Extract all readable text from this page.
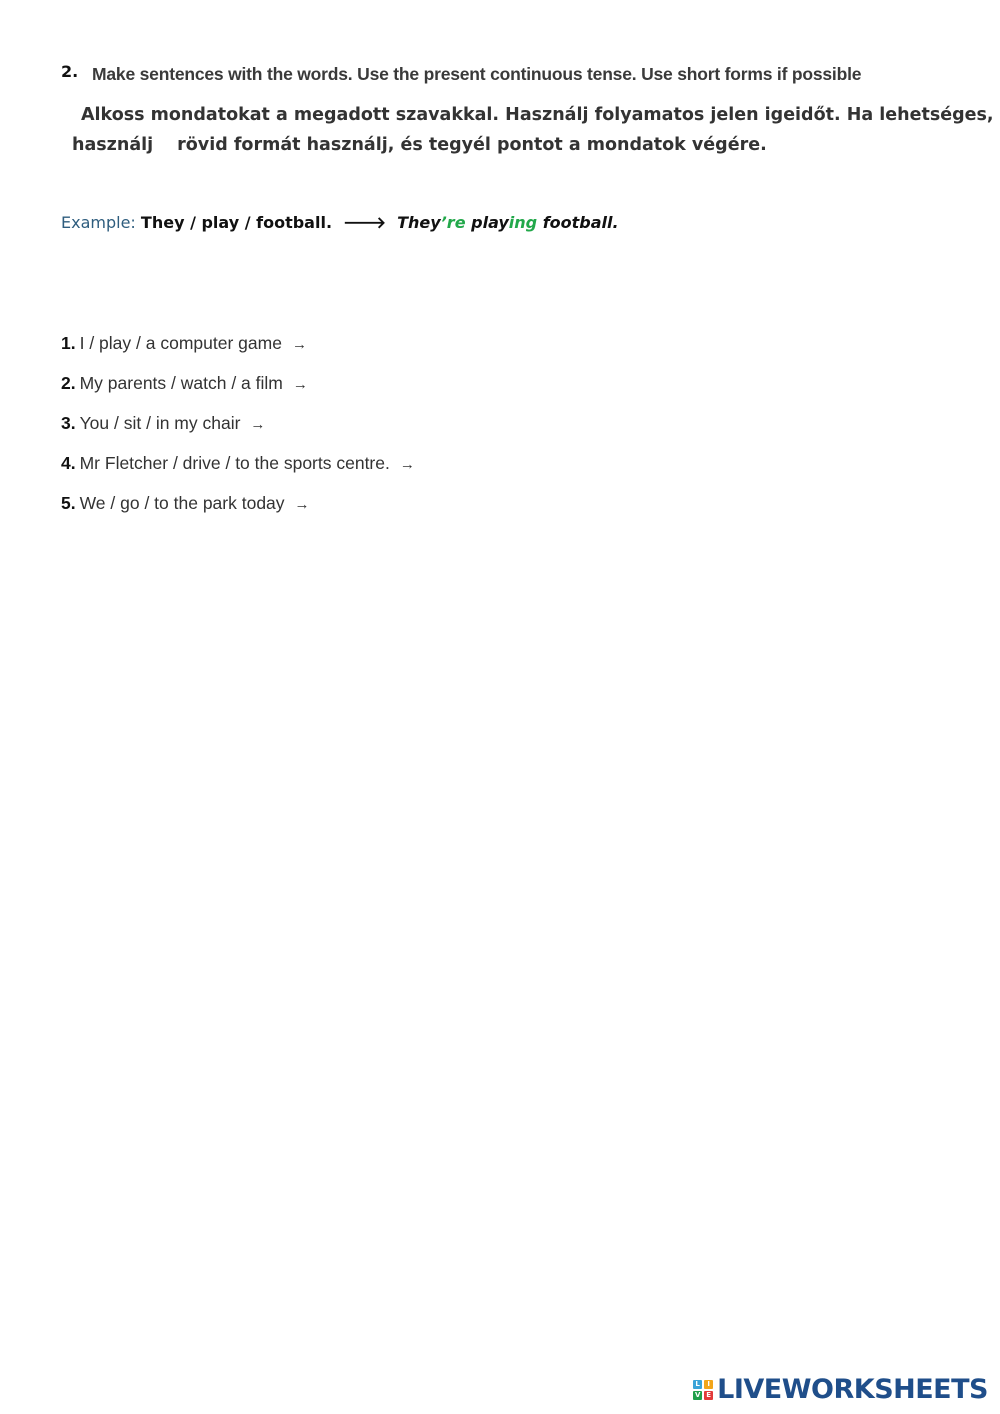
2. Make sentences with the words. Use the present continuous tense. Use short forms if possible
Alkoss mondatokat a megadott szavakkal. Használj folyamatos jelen igeidőt. Ha lehetséges,
használj rövid formát használj, és tegyél pontot a mondatok végére.
Example: They / play / football. 🡒 They’re playing football.
1. I / play / a computer game →
2. My parents / watch / a film →
3. You / sit / in my chair →
4. Mr Fletcher / drive / to the sports centre. →
5. We / go / to the park today →
L	I
V E LIVEWORKSHEETS
